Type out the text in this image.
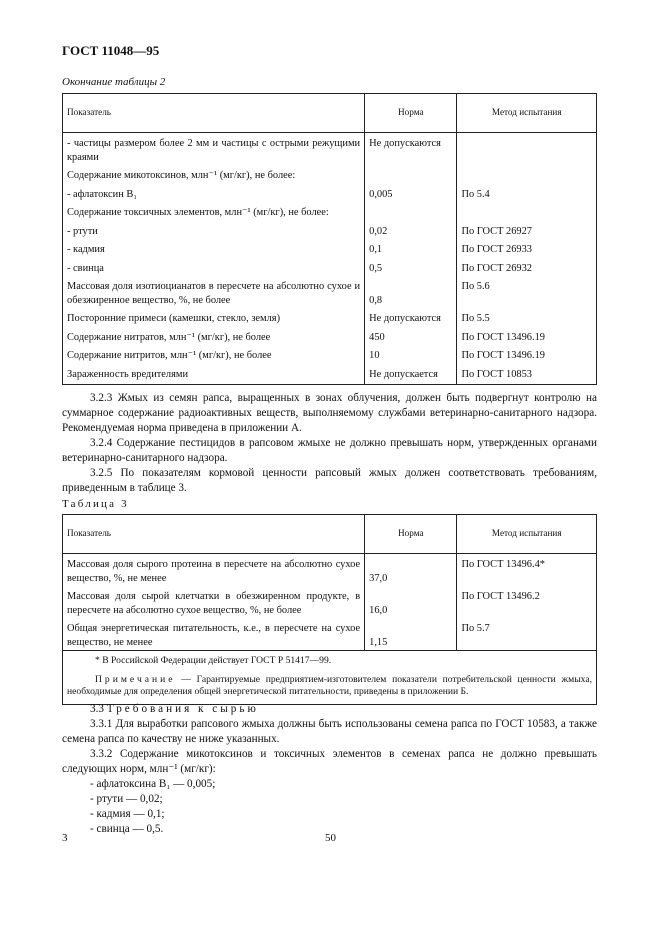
ГОСТ 11048—95
Окончание таблицы 2
Показатель	Норма	Метод испытания
- частицы размером более 2 мм и частицы с острыми режущими краями	Не допускаются	
Содержание микотоксинов, млн⁻¹ (мг/кг), не более:		
- афлатоксин B₁	0,005	По 5.4
Содержание токсичных элементов, млн⁻¹ (мг/кг), не более:		
- ртути	0,02	По ГОСТ 26927
- кадмия	0,1	По ГОСТ 26933
- свинца	0,5	По ГОСТ 26932
Массовая доля изотиоцианатов в пересчете на абсолютно сухое и обезжиренное вещество, %, не более	0,8	По 5.6
Посторонние примеси (камешки, стекло, земля)	Не допускаются	По 5.5
Содержание нитратов, млн⁻¹ (мг/кг), не более	450	По ГОСТ 13496.19
Содержание нитритов, млн⁻¹ (мг/кг), не более	10	По ГОСТ 13496.19
Зараженность вредителями	Не допускается	По ГОСТ 10853
3.2.3 Жмых из семян рапса, выращенных в зонах облучения, должен быть подвергнут контролю на суммарное содержание радиоактивных веществ, выполняемому службами ветеринарно-санитарного надзора. Рекомендуемая норма приведена в приложении А.
3.2.4 Содержание пестицидов в рапсовом жмыхе не должно превышать норм, утвержденных органами ветеринарно-санитарного надзора.
3.2.5 По показателям кормовой ценности рапсовый жмых должен соответствовать требованиям, приведенным в таблице 3.
Таблица 3
Показатель	Норма	Метод испытания
Массовая доля сырого протеина в пересчете на абсолютно сухое вещество, %, не менее	37,0	По ГОСТ 13496.4*
Массовая доля сырой клетчатки в обезжиренном продукте, в пересчете на абсолютно сухое вещество, %, не более	16,0	По ГОСТ 13496.2
Общая энергетическая питательность, к.е., в пересчете на сухое вещество, не менее	1,15	По 5.7

* В Российской Федерации действует ГОСТ Р 51417—99.
Примечание — Гарантируемые предприятием-изготовителем показатели потребительской ценности жмыха, необходимые для определения общей энергетической питательности, приведены в приложении Б.		
3.3 Требования к сырью
3.3.1 Для выработки рапсового жмыха должны быть использованы семена рапса по ГОСТ 10583, а также семена рапса по качеству не ниже указанных.
3.3.2 Содержание микотоксинов и токсичных элементов в семенах рапса не должно превышать следующих норм, млн⁻¹ (мг/кг):
- афлатоксина B₁ — 0,005;
- ртути — 0,02;
- кадмия — 0,1;
- свинца — 0,5.
3	50
